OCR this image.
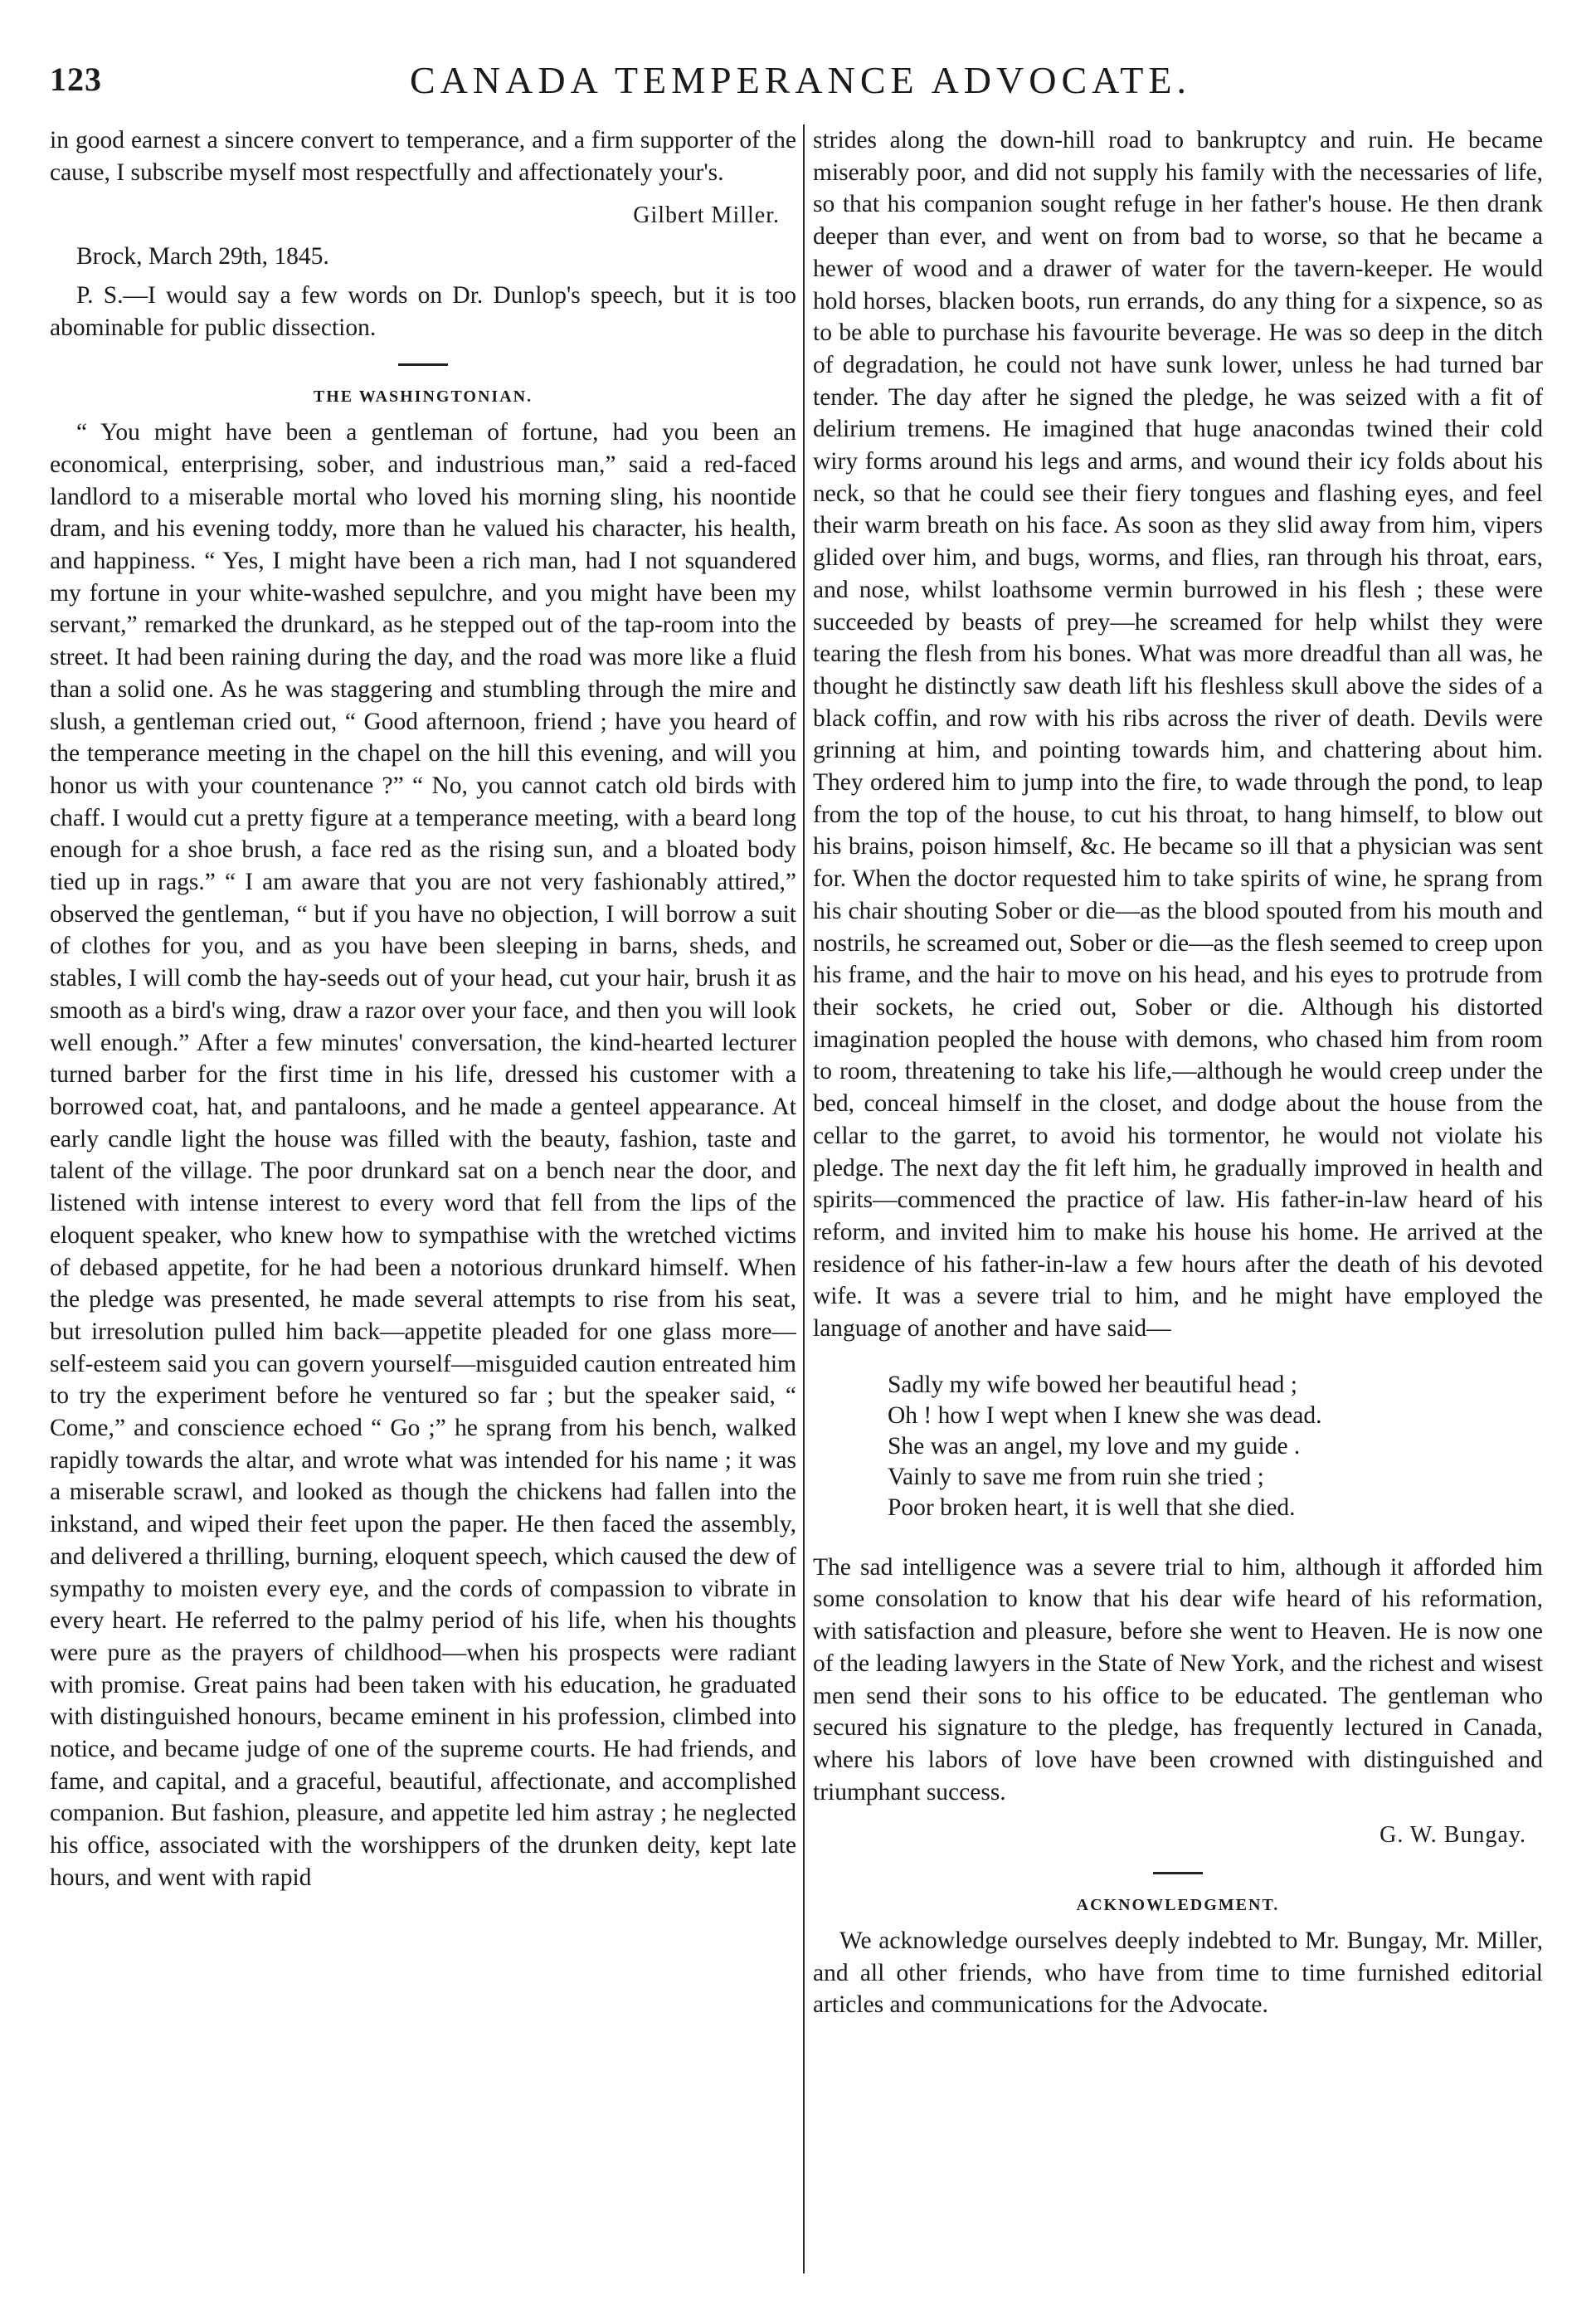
123	CANADA TEMPERANCE ADVOCATE.

in good earnest a sincere convert to temperance, and a firm supporter of the cause, I subscribe myself most respectfully and affectionately your's.

Gilbert Miller.

Brock, March 29th, 1845.

P. S.—I would say a few words on Dr. Dunlop's speech, but it is too abominable for public dissection.

THE WASHINGTONIAN.

“ You might have been a gentleman of fortune, had you been an economical, enterprising, sober, and industrious man,” said a red-faced landlord to a miserable mortal who loved his morning sling, his noontide dram, and his evening toddy, more than he valued his character, his health, and happiness. “ Yes, I might have been a rich man, had I not squandered my fortune in your white-washed sepulchre, and you might have been my servant,” remarked the drunkard, as he stepped out of the tap-room into the street. It had been raining during the day, and the road was more like a fluid than a solid one. As he was staggering and stumbling through the mire and slush, a gentleman cried out, “ Good afternoon, friend ; have you heard of the temperance meeting in the chapel on the hill this evening, and will you honor us with your countenance ?” “ No, you cannot catch old birds with chaff. I would cut a pretty figure at a temperance meeting, with a beard long enough for a shoe brush, a face red as the rising sun, and a bloated body tied up in rags.” “ I am aware that you are not very fashionably attired,” observed the gentleman, “ but if you have no objection, I will borrow a suit of clothes for you, and as you have been sleeping in barns, sheds, and stables, I will comb the hay-seeds out of your head, cut your hair, brush it as smooth as a bird's wing, draw a razor over your face, and then you will look well enough.” After a few minutes' conversation, the kind-hearted lecturer turned barber for the first time in his life, dressed his customer with a borrowed coat, hat, and pantaloons, and he made a genteel appearance. At early candle light the house was filled with the beauty, fashion, taste and talent of the village. The poor drunkard sat on a bench near the door, and listened with intense interest to every word that fell from the lips of the eloquent speaker, who knew how to sympathise with the wretched victims of debased appetite, for he had been a notorious drunkard himself. When the pledge was presented, he made several attempts to rise from his seat, but irresolution pulled him back—appetite pleaded for one glass more—self-esteem said you can govern yourself—misguided caution entreated him to try the experiment before he ventured so far ; but the speaker said, “ Come,” and conscience echoed “ Go ;” he sprang from his bench, walked rapidly towards the altar, and wrote what was intended for his name ; it was a miserable scrawl, and looked as though the chickens had fallen into the inkstand, and wiped their feet upon the paper. He then faced the assembly, and delivered a thrilling, burning, eloquent speech, which caused the dew of sympathy to moisten every eye, and the cords of compassion to vibrate in every heart. He referred to the palmy period of his life, when his thoughts were pure as the prayers of childhood—when his prospects were radiant with promise. Great pains had been taken with his education, he graduated with distinguished honours, became eminent in his profession, climbed into notice, and became judge of one of the supreme courts. He had friends, and fame, and capital, and a graceful, beautiful, affectionate, and accomplished companion. But fashion, pleasure, and appetite led him astray ; he neglected his office, associated with the worshippers of the drunken deity, kept late hours, and went with rapid

strides along the down-hill road to bankruptcy and ruin. He became miserably poor, and did not supply his family with the necessaries of life, so that his companion sought refuge in her father's house. He then drank deeper than ever, and went on from bad to worse, so that he became a hewer of wood and a drawer of water for the tavern-keeper. He would hold horses, blacken boots, run errands, do any thing for a sixpence, so as to be able to purchase his favourite beverage. He was so deep in the ditch of degradation, he could not have sunk lower, unless he had turned bar tender. The day after he signed the pledge, he was seized with a fit of delirium tremens. He imagined that huge anacondas twined their cold wiry forms around his legs and arms, and wound their icy folds about his neck, so that he could see their fiery tongues and flashing eyes, and feel their warm breath on his face. As soon as they slid away from him, vipers glided over him, and bugs, worms, and flies, ran through his throat, ears, and nose, whilst loathsome vermin burrowed in his flesh ; these were succeeded by beasts of prey—he screamed for help whilst they were tearing the flesh from his bones. What was more dreadful than all was, he thought he distinctly saw death lift his fleshless skull above the sides of a black coffin, and row with his ribs across the river of death. Devils were grinning at him, and pointing towards him, and chattering about him. They ordered him to jump into the fire, to wade through the pond, to leap from the top of the house, to cut his throat, to hang himself, to blow out his brains, poison himself, &c. He became so ill that a physician was sent for. When the doctor requested him to take spirits of wine, he sprang from his chair shouting Sober or die—as the blood spouted from his mouth and nostrils, he screamed out, Sober or die—as the flesh seemed to creep upon his frame, and the hair to move on his head, and his eyes to protrude from their sockets, he cried out, Sober or die. Although his distorted imagination peopled the house with demons, who chased him from room to room, threatening to take his life,—although he would creep under the bed, conceal himself in the closet, and dodge about the house from the cellar to the garret, to avoid his tormentor, he would not violate his pledge. The next day the fit left him, he gradually improved in health and spirits—commenced the practice of law. His father-in-law heard of his reform, and invited him to make his house his home. He arrived at the residence of his father-in-law a few hours after the death of his devoted wife. It was a severe trial to him, and he might have employed the language of another and have said—

Sadly my wife bowed her beautiful head ;
Oh ! how I wept when I knew she was dead.
She was an angel, my love and my guide .
Vainly to save me from ruin she tried ;
Poor broken heart, it is well that she died.

The sad intelligence was a severe trial to him, although it afforded him some consolation to know that his dear wife heard of his reformation, with satisfaction and pleasure, before she went to Heaven. He is now one of the leading lawyers in the State of New York, and the richest and wisest men send their sons to his office to be educated. The gentleman who secured his signature to the pledge, has frequently lectured in Canada, where his labors of love have been crowned with distinguished and triumphant success.

G. W. Bungay.

ACKNOWLEDGMENT.

We acknowledge ourselves deeply indebted to Mr. Bungay, Mr. Miller, and all other friends, who have from time to time furnished editorial articles and communications for the Advocate.
